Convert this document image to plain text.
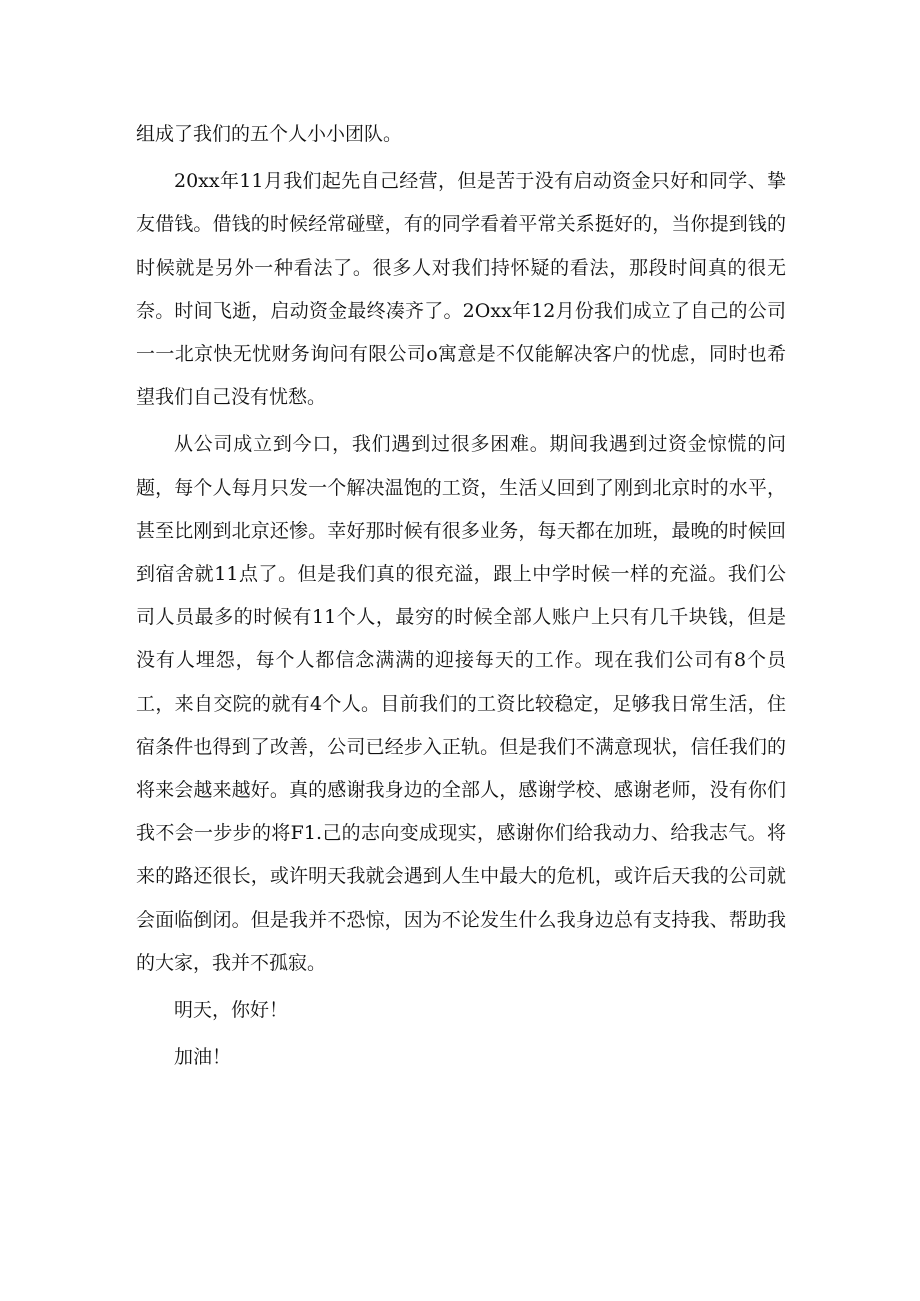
组成了我们的五个人小小团队。

20xx年11月我们起先自己经营，但是苦于没有启动资金只好和同学、挚友借钱。借钱的时候经常碰壁，有的同学看着平常关系挺好的，当你提到钱的时候就是另外一种看法了。很多人对我们持怀疑的看法，那段时间真的很无奈。时间飞逝，启动资金最终凑齐了。2Oxx年12月份我们成立了自己的公司一一北京快无忧财务询问有限公司o寓意是不仅能解决客户的忧虑，同时也希望我们自己没有忧愁。

从公司成立到今口，我们遇到过很多困难。期间我遇到过资金惊慌的问题，每个人每月只发一个解决温饱的工资，生活乂回到了刚到北京时的水平，甚至比刚到北京还惨。幸好那时候有很多业务，每天都在加班，最晚的时候回到宿舍就11点了。但是我们真的很充溢，跟上中学时候一样的充溢。我们公司人员最多的时候有11个人，最穷的时候全部人账户上只有几千块钱，但是没有人埋怨，每个人都信念满满的迎接每天的工作。现在我们公司有8个员工，来自交院的就有4个人。目前我们的工资比较稳定，足够我日常生活，住宿条件也得到了改善，公司已经步入正轨。但是我们不满意现状，信任我们的将来会越来越好。真的感谢我身边的全部人，感谢学校、感谢老师，没有你们我不会一步步的将F1.己的志向变成现实，感谢你们给我动力、给我志气。将来的路还很长，或许明天我就会遇到人生中最大的危机，或许后天我的公司就会面临倒闭。但是我并不恐惊，因为不论发生什么我身边总有支持我、帮助我的大家，我并不孤寂。

明天，你好！

加油！
